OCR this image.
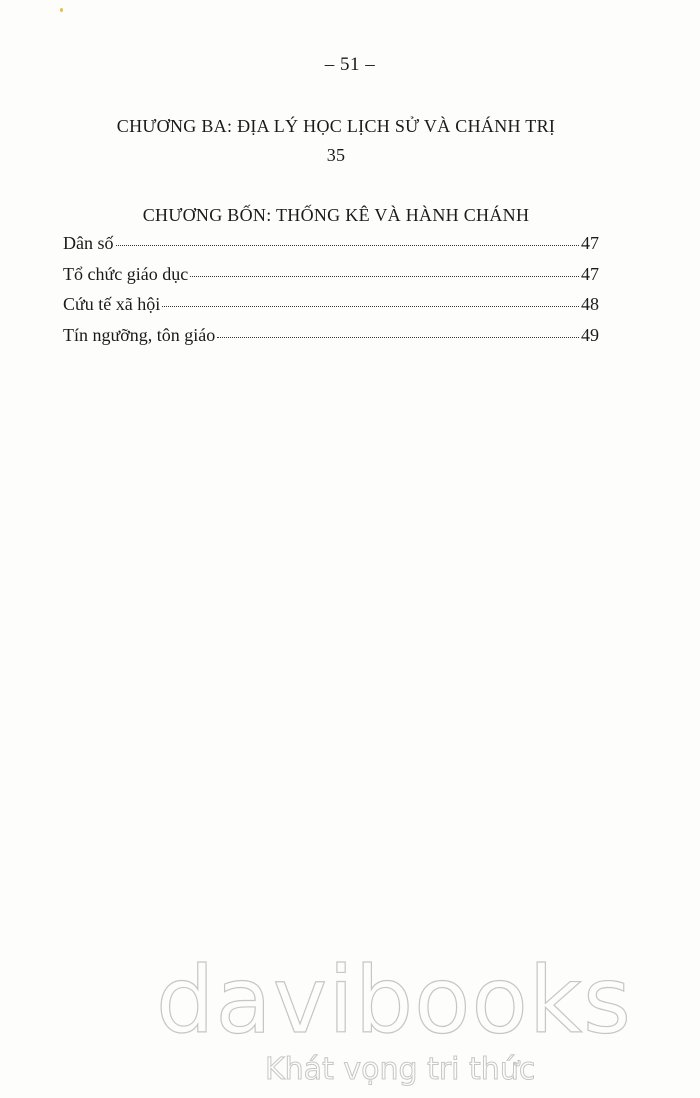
– 51 –
CHƯƠNG BA: ĐỊA LÝ HỌC LỊCH SỬ VÀ CHÁNH TRỊ
35
CHƯƠNG BỐN: THỐNG KÊ VÀ HÀNH CHÁNH
Dân số	47
Tổ chức giáo dục	47
Cứu tế xã hội	48
Tín ngưỡng, tôn giáo	49
davibooks
Khát vọng tri thức
